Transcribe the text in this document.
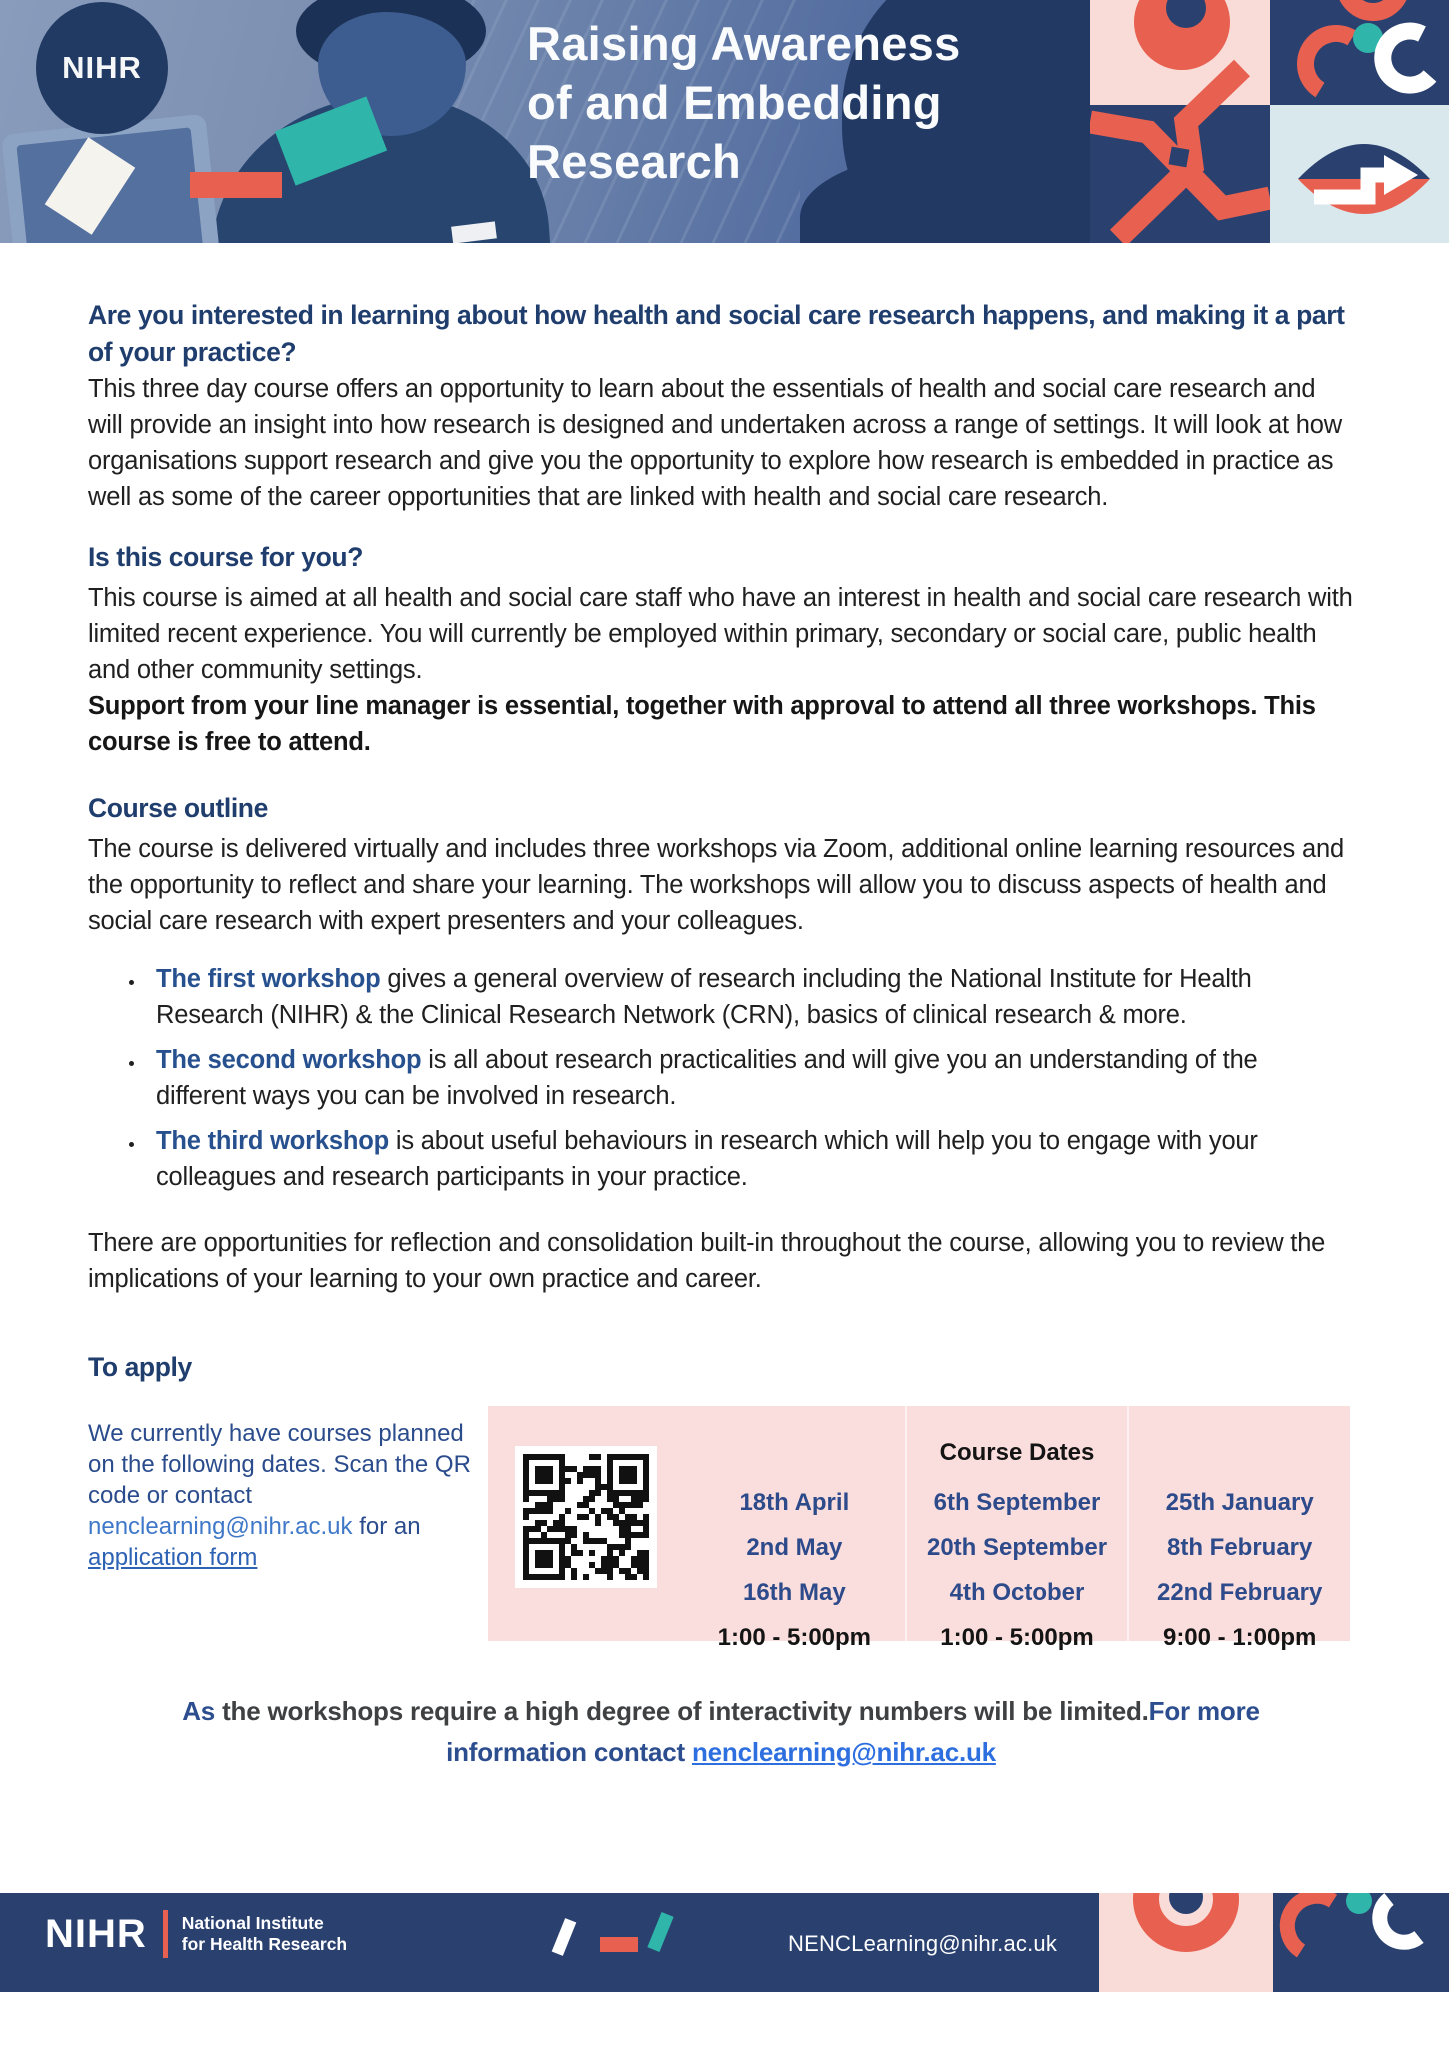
NIHR	Raising Awareness
of and Embedding
Research
Are you interested in learning about how health and social care research happens, and making it a part of your practice?

This three day course offers an opportunity to learn about the essentials of health and social care research and will provide an insight into how research is designed and undertaken across a range of settings. It will look at how organisations support research and give you the opportunity to explore how research is embedded in practice as well as some of the career opportunities that are linked with health and social care research.

Is this course for you?

This course is aimed at all health and social care staff who have an interest in health and social care research with limited recent experience. You will currently be employed within primary, secondary or social care, public health and other community settings.

Support from your line manager is essential, together with approval to attend all three workshops. This course is free to attend.

Course outline

The course is delivered virtually and includes three workshops via Zoom, additional online learning resources and the opportunity to reflect and share your learning. The workshops will allow you to discuss aspects of health and social care research with expert presenters and your colleagues.

• The first workshop gives a general overview of research including the National Institute for Health Research (NIHR) & the Clinical Research Network (CRN), basics of clinical research & more.
• The second workshop is all about research practicalities and will give you an understanding of the different ways you can be involved in research.
• The third workshop is about useful behaviours in research which will help you to engage with your colleagues and research participants in your practice.

There are opportunities for reflection and consolidation built-in throughout the course, allowing you to review the implications of your learning to your own practice and career.

To apply

We currently have courses planned on the following dates. Scan the QR code or contact nenclearning@nihr.ac.uk for an application form

18th April
2nd May
16th May
1:00 - 5:00pm
Course Dates
6th September
20th September
4th October
1:00 - 5:00pm
25th January
8th February
22nd February
9:00 - 1:00pm

As the workshops require a high degree of interactivity numbers will be limited.For more
information contact nenclearning@nihr.ac.uk

NIHR National Institute
for Health Research	NENCLearning@nihr.ac.uk
